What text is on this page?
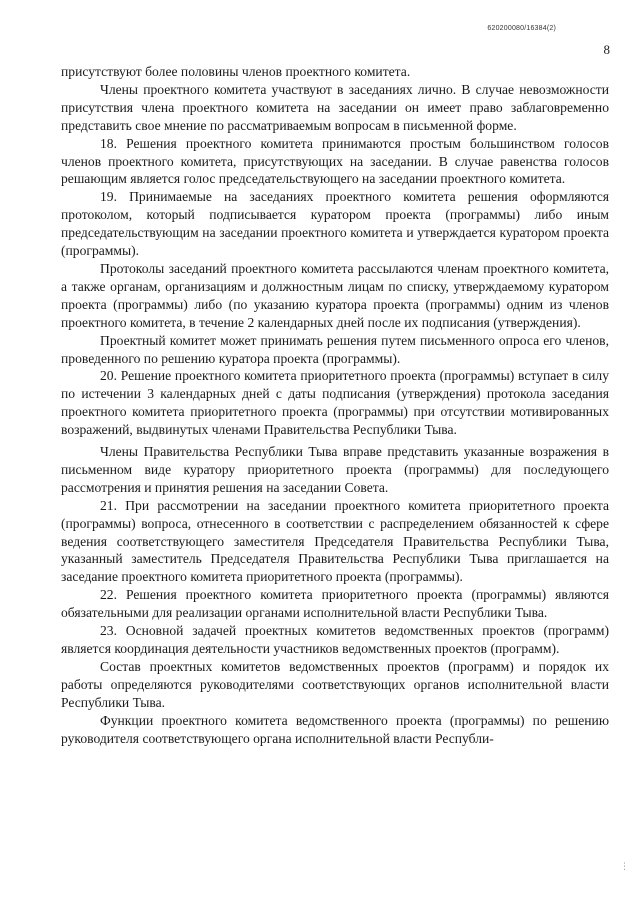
620200080/16384(2)
8

присутствуют более половины членов проектного комитета.

Члены проектного комитета участвуют в заседаниях лично. В случае невозможности присутствия члена проектного комитета на заседании он имеет право заблаговременно представить свое мнение по рассматриваемым вопросам в письменной форме.

18. Решения проектного комитета принимаются простым большинством голосов членов проектного комитета, присутствующих на заседании. В случае равенства голосов решающим является голос председательствующего на заседании проектного комитета.

19. Принимаемые на заседаниях проектного комитета решения оформляются протоколом, который подписывается куратором проекта (программы) либо иным председательствующим на заседании проектного комитета и утверждается куратором проекта (программы).

Протоколы заседаний проектного комитета рассылаются членам проектного комитета, а также органам, организациям и должностным лицам по списку, утверждаемому куратором проекта (программы) либо (по указанию куратора проекта (программы) одним из членов проектного комитета, в течение 2 календарных дней после их подписания (утверждения).

Проектный комитет может принимать решения путем письменного опроса его членов, проведенного по решению куратора проекта (программы).

20. Решение проектного комитета приоритетного проекта (программы) вступает в силу по истечении 3 календарных дней с даты подписания (утверждения) протокола заседания проектного комитета приоритетного проекта (программы) при отсутствии мотивированных возражений, выдвинутых членами Правительства Республики Тыва.

Члены Правительства Республики Тыва вправе представить указанные возражения в письменном виде куратору приоритетного проекта (программы) для последующего рассмотрения и принятия решения на заседании Совета.

21. При рассмотрении на заседании проектного комитета приоритетного проекта (программы) вопроса, отнесенного в соответствии с распределением обязанностей к сфере ведения соответствующего заместителя Председателя Правительства Республики Тыва, указанный заместитель Председателя Правительства Республики Тыва приглашается на заседание проектного комитета приоритетного проекта (программы).

22. Решения проектного комитета приоритетного проекта (программы) являются обязательными для реализации органами исполнительной власти Республики Тыва.

23. Основной задачей проектных комитетов ведомственных проектов (программ) является координация деятельности участников ведомственных проектов (программ).

Состав проектных комитетов ведомственных проектов (программ) и порядок их работы определяются руководителями соответствующих органов исполнительной власти Республики Тыва.

Функции проектного комитета ведомственного проекта (программы) по решению руководителя соответствующего органа исполнительной власти Республи-

⋮
